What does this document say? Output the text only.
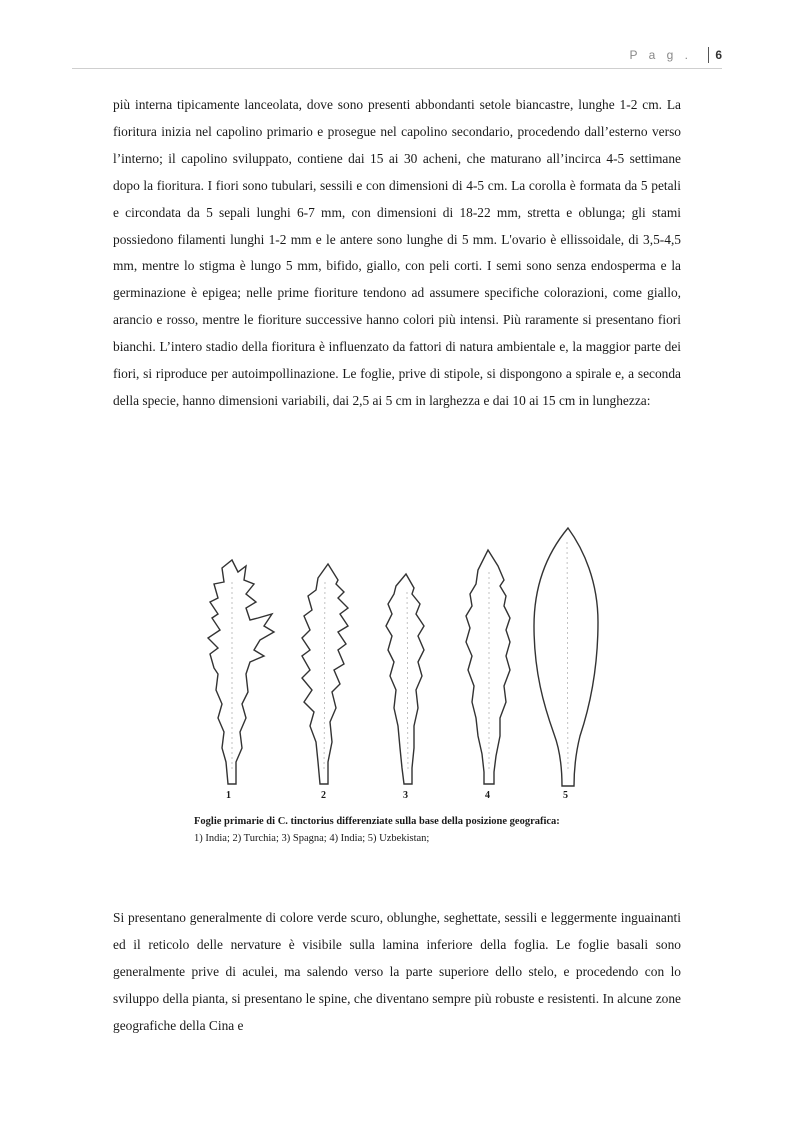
P a g .	6

più interna tipicamente lanceolata, dove sono presenti abbondanti setole biancastre, lunghe 1-2 cm. La fioritura inizia nel capolino primario e prosegue nel capolino secondario, procedendo dall’esterno verso l’interno; il capolino sviluppato, contiene dai 15 ai 30 acheni, che maturano all’incirca 4-5 settimane dopo la fioritura. I fiori sono tubulari, sessili e con dimensioni di 4-5 cm. La corolla è formata da 5 petali e circondata da 5 sepali lunghi 6-7 mm, con dimensioni di 18-22 mm, stretta e oblunga; gli stami possiedono filamenti lunghi 1-2 mm e le antere sono lunghe di 5 mm. L'ovario è ellissoidale, di 3,5-4,5 mm, mentre lo stigma è lungo 5 mm, bifido, giallo, con peli corti. I semi sono senza endosperma e la germinazione è epigea; nelle prime fioriture tendono ad assumere specifiche colorazioni, come giallo, arancio e rosso, mentre le fioriture successive hanno colori più intensi. Più raramente si presentano fiori bianchi. L’intero stadio della fioritura è influenzato da fattori di natura ambientale e, la maggior parte dei fiori, si riproduce per autoimpollinazione. Le foglie, prive di stipole, si dispongono a spirale e, a seconda della specie, hanno dimensioni variabili, dai 2,5 ai 5 cm in larghezza e dai 10 ai 15 cm in lunghezza:

1	2	3	4	5
Foglie primarie di C. tinctorius differenziate sulla base della posizione geografica:
1) India; 2) Turchia; 3) Spagna; 4) India; 5) Uzbekistan;

Si presentano generalmente di colore verde scuro, oblunghe, seghettate, sessili e leggermente inguainanti ed il reticolo delle nervature è visibile sulla lamina inferiore della foglia. Le foglie basali sono generalmente prive di aculei, ma salendo verso la parte superiore dello stelo, e procedendo con lo sviluppo della pianta, si presentano le spine, che diventano sempre più robuste e resistenti. In alcune zone geografiche della Cina e
